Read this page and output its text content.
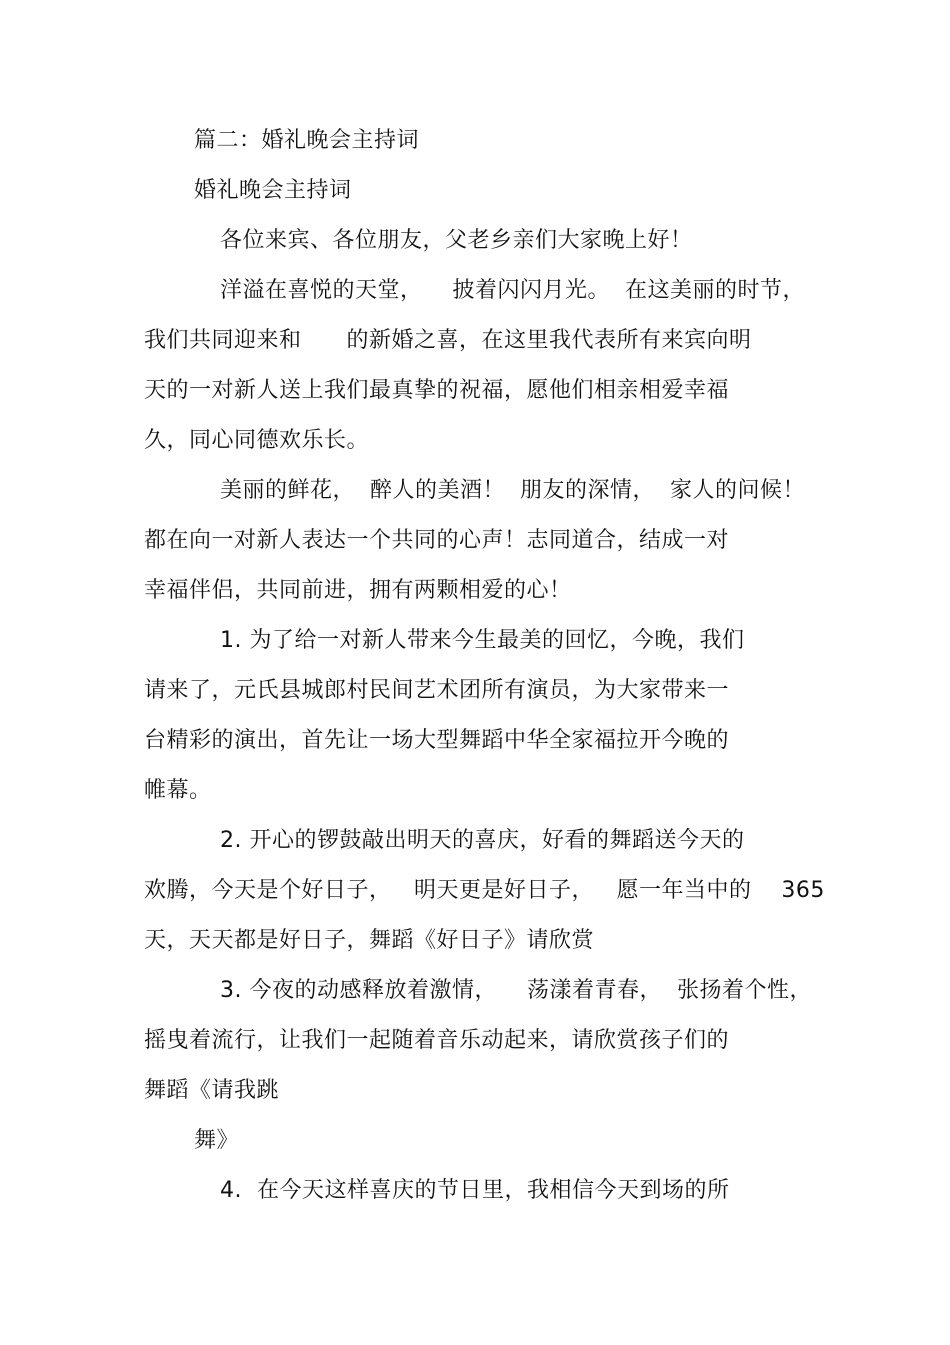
篇二：婚礼晚会主持词
婚礼晚会主持词
各位来宾、各位朋友，父老乡亲们大家晚上好！
洋溢在喜悦的天堂，    披着闪闪月光。  在这美丽的时节，
我们共同迎来和      的新婚之喜，在这里我代表所有来宾向明
天的一对新人送上我们最真挚的祝福，愿他们相亲相爱幸福
久，同心同德欢乐长。
美丽的鲜花，  醉人的美酒！  朋友的深情，  家人的问候！
都在向一对新人表达一个共同的心声！志同道合，结成一对
幸福伴侣，共同前进，拥有两颗相爱的心！
1. 为了给一对新人带来今生最美的回忆，今晚，我们
请来了，元氏县城郎村民间艺术团所有演员，为大家带来一
台精彩的演出，首先让一场大型舞蹈中华全家福拉开今晚的
帷幕。
2. 开心的锣鼓敲出明天的喜庆，好看的舞蹈送今天的
欢腾，今天是个好日子，   明天更是好日子，   愿一年当中的    365
天，天天都是好日子，舞蹈《好日子》请欣赏
3. 今夜的动感释放着激情，    荡漾着青春，  张扬着个性，
摇曳着流行，让我们一起随着音乐动起来，请欣赏孩子们的
舞蹈《请我跳
舞》
4.  在今天这样喜庆的节日里，我相信今天到场的所
